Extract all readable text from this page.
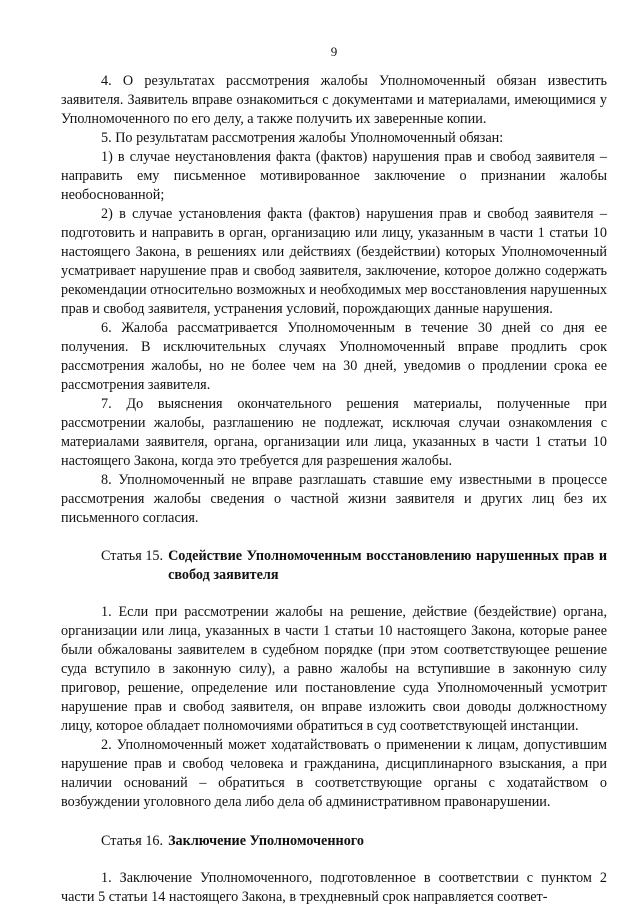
9

4. О результатах рассмотрения жалобы Уполномоченный обязан известить заявителя. Заявитель вправе ознакомиться с документами и материалами, имеющимися у Уполномоченного по его делу, а также получить их заверенные копии.

5. По результатам рассмотрения жалобы Уполномоченный обязан:

1) в случае неустановления факта (фактов) нарушения прав и свобод заявителя – направить ему письменное мотивированное заключение о признании жалобы необоснованной;

2) в случае установления факта (фактов) нарушения прав и свобод заявителя – подготовить и направить в орган, организацию или лицу, указанным в части 1 статьи 10 настоящего Закона, в решениях или действиях (бездействии) которых Уполномоченный усматривает нарушение прав и свобод заявителя, заключение, которое должно содержать рекомендации относительно возможных и необходимых мер восстановления нарушенных прав и свобод заявителя, устранения условий, порождающих данные нарушения.

6. Жалоба рассматривается Уполномоченным в течение 30 дней со дня ее получения. В исключительных случаях Уполномоченный вправе продлить срок рассмотрения жалобы, но не более чем на 30 дней, уведомив о продлении срока ее рассмотрения заявителя.

7. До выяснения окончательного решения материалы, полученные при рассмотрении жалобы, разглашению не подлежат, исключая случаи ознакомления с материалами заявителя, органа, организации или лица, указанных в части 1 статьи 10 настоящего Закона, когда это требуется для разрешения жалобы.

8. Уполномоченный не вправе разглашать ставшие ему известными в процессе рассмотрения жалобы сведения о частной жизни заявителя и других лиц без их письменного согласия.

Статья 15. Содействие Уполномоченным восстановлению нарушенных прав и свобод заявителя

1. Если при рассмотрении жалобы на решение, действие (бездействие) органа, организации или лица, указанных в части 1 статьи 10 настоящего Закона, которые ранее были обжалованы заявителем в судебном порядке (при этом соответствующее решение суда вступило в законную силу), а равно жалобы на вступившие в законную силу приговор, решение, определение или постановление суда Уполномоченный усмотрит нарушение прав и свобод заявителя, он вправе изложить свои доводы должностному лицу, которое обладает полномочиями обратиться в суд соответствующей инстанции.

2. Уполномоченный может ходатайствовать о применении к лицам, допустившим нарушение прав и свобод человека и гражданина, дисциплинарного взыскания, а при наличии оснований – обратиться в соответствующие органы с ходатайством о возбуждении уголовного дела либо дела об административном правонарушении.

Статья 16. Заключение Уполномоченного

1. Заключение Уполномоченного, подготовленное в соответствии с пунктом 2 части 5 статьи 14 настоящего Закона, в трехдневный срок направляется соответ-
